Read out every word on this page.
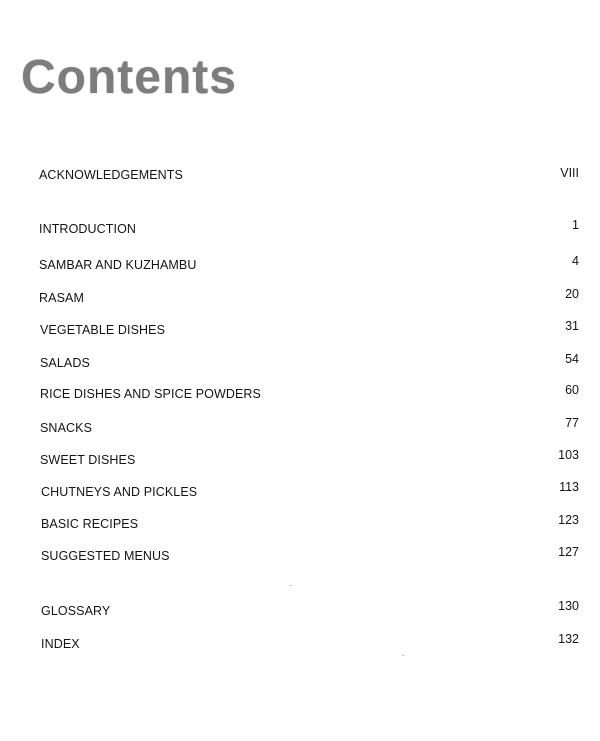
Contents
ACKNOWLEDGEMENTS	VIII
INTRODUCTION	1
SAMBAR AND KUZHAMBU	4
RASAM	20
VEGETABLE DISHES	31
SALADS	54
RICE DISHES AND SPICE POWDERS	60
SNACKS	77
SWEET DISHES	103
CHUTNEYS AND PICKLES	113
BASIC RECIPES	123
SUGGESTED MENUS	127
GLOSSARY	130
INDEX	132
